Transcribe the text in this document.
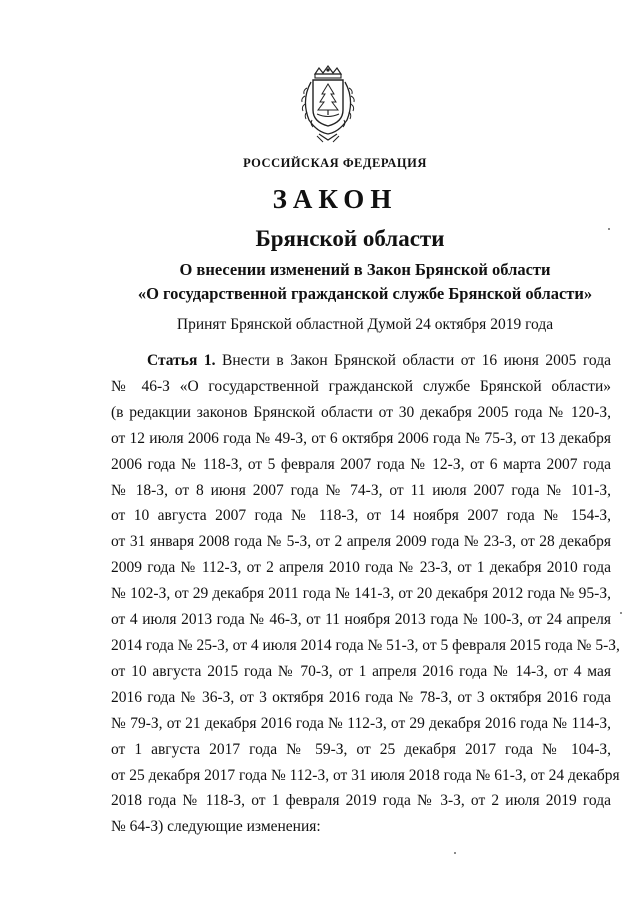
РОССИЙСКАЯ ФЕДЕРАЦИЯ
ЗАКОН
Брянской области
О внесении изменений в Закон Брянской области
«О государственной гражданской службе Брянской области»
Принят Брянской областной Думой 24 октября 2019 года
Статья 1. Внести в Закон Брянской области от 16 июня 2005 года
№ 46-З «О государственной гражданской службе Брянской области»
(в редакции законов Брянской области от 30 декабря 2005 года № 120-З,
от 12 июля 2006 года № 49-З, от 6 октября 2006 года № 75-З, от 13 декабря
2006 года № 118-З, от 5 февраля 2007 года № 12-З, от 6 марта 2007 года
№ 18-З, от 8 июня 2007 года № 74-З, от 11 июля 2007 года № 101-З,
от 10 августа 2007 года № 118-З, от 14 ноября 2007 года № 154-З,
от 31 января 2008 года № 5-З, от 2 апреля 2009 года № 23-З, от 28 декабря
2009 года № 112-З, от 2 апреля 2010 года № 23-З, от 1 декабря 2010 года
№ 102-З, от 29 декабря 2011 года № 141-З, от 20 декабря 2012 года № 95-З,
от 4 июля 2013 года № 46-З, от 11 ноября 2013 года № 100-З, от 24 апреля
2014 года № 25-З, от 4 июля 2014 года № 51-З, от 5 февраля 2015 года № 5-З,
от 10 августа 2015 года № 70-З, от 1 апреля 2016 года № 14-З, от 4 мая
2016 года № 36-З, от 3 октября 2016 года № 78-З, от 3 октября 2016 года
№ 79-З, от 21 декабря 2016 года № 112-З, от 29 декабря 2016 года № 114-З,
от 1 августа 2017 года № 59-З, от 25 декабря 2017 года № 104-З,
от 25 декабря 2017 года № 112-З, от 31 июля 2018 года № 61-З, от 24 декабря
2018 года № 118-З, от 1 февраля 2019 года № 3-З, от 2 июля 2019 года
№ 64-З) следующие изменения:
